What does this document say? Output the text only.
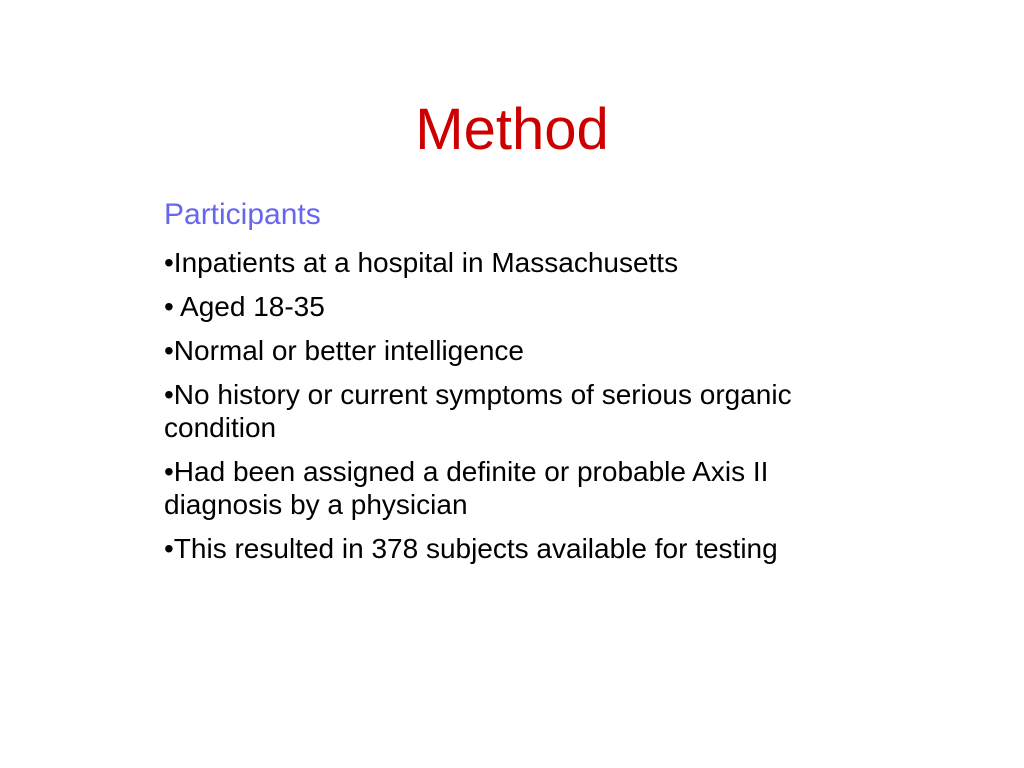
Method
Participants
•Inpatients at a hospital in Massachusetts
• Aged 18-35
•Normal or better intelligence
•No history or current symptoms of serious organic condition
•Had been assigned a definite or probable Axis II diagnosis by a physician
•This resulted in 378 subjects available for testing
